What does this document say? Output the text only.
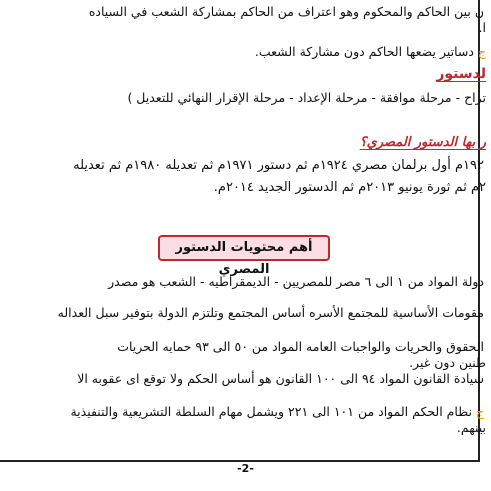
ن بين الحاكم والمحكوم وهو اعتراف من الحاكم بمشاركة الشعب في السياده
ا.
ج دساتير يضعها الحاكم دون مشاركة الشعب.
لدستور
تراح - مرحلة موافقة - مرحلة الإعداد - مرحلة الإقرار النهائي للتعديل )
ر بها الدستور المصري؟
١٩٢م أول برلمان مصري ١٩٢٤م ثم دستور ١٩٧١م ثم تعديله ١٩٨٠م ثم تعديله
٢م ثم ثورة يونيو ٢٠١٣م ثم الدستور الجديد ٢٠١٤م.
أهم محتويات الدستور المصري
دولة المواد من ١ الى ٦ مصر للمصريين - الديمقراطيه - الشعب هو مصدر
مقومات الأساسية للمجتمع الأسره أساس المجتمع وتلتزم الدولة بتوفير سبل العداله
الحقوق والحريات والواجبات العامه المواد من ٥٠ الى ٩٣ حمايه الحريات
طنين دون غير.
سيادة القانون المواد ٩٤ الى ١٠٠ القانون هو أساس الحكم ولا توقع اى عقوبه الا
ج نظام الحكم المواد من ١٠١ الى ٢٢١ ويشمل مهام السلطة التشريعية والتنفيذية
بينهم.
-2-
